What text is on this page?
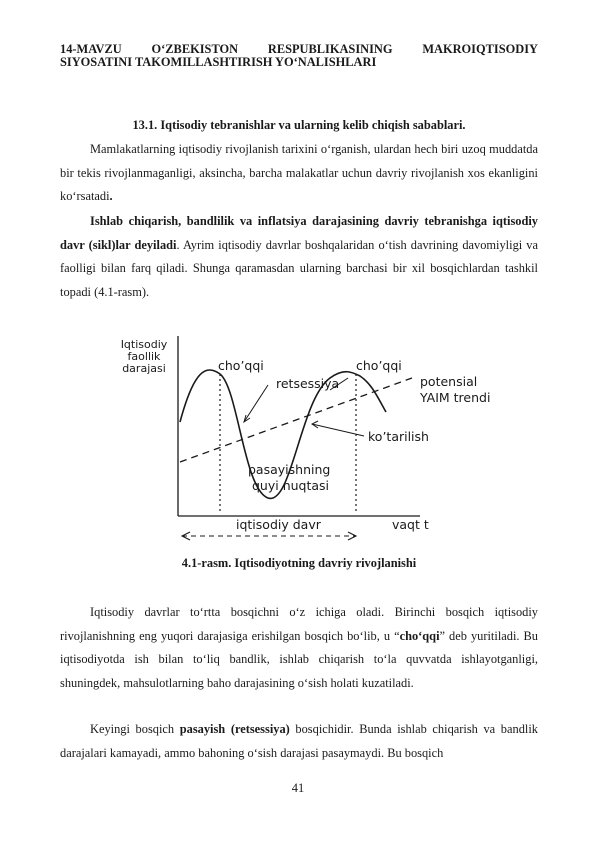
14-MAVZU O‘ZBEKISTON RESPUBLIKASINING MAKROIQTISODIY
SIYOSATINI TAKOMILLASHTIRISH YO‘NALISHLARI
13.1. Iqtisodiy tebranishlar va ularning kelib chiqish sabablari.

Mamlakatlarning iqtisodiy rivojlanish tarixini o‘rganish, ulardan hech biri uzoq muddatda bir tekis rivojlanmaganligi, aksincha, barcha malakatlar uchun davriy rivojlanish xos ekanligini ko‘rsatadi.

Ishlab chiqarish, bandlilik va inflatsiya darajasining davriy tebranishga iqtisodiy davr (sikl)lar deyiladi. Ayrim iqtisodiy davrlar boshqalaridan o‘tish davrining davomiyligi va faolligi bilan farq qiladi. Shunga qaramasdan ularning barchasi bir xil bosqichlardan tashkil topadi (4.1-rasm).

Iqtisodiy
faollik
darajasi	cho’qqi	cho’qqi
retsessiya	potensial
YAIM trendi
ko’tarilish
pasayishning
quyi nuqtasi
iqtisodiy davr	vaqt t
4.1-rasm. Iqtisodiyotning davriy rivojlanishi

Iqtisodiy davrlar to‘rtta bosqichni o‘z ichiga oladi. Birinchi bosqich iqtisodiy rivojlanishning eng yuqori darajasiga erishilgan bosqich bo‘lib, u “cho‘qqi” deb yuritiladi. Bu iqtisodiyotda ish bilan to‘liq bandlik, ishlab chiqarish to‘la quvvatda ishlayotganligi, shuningdek, mahsulotlarning baho darajasining o‘sish holati kuzatiladi.

Keyingi bosqich pasayish (retsessiya) bosqichidir. Bunda ishlab chiqarish va bandlik darajalari kamayadi, ammo bahoning o‘sish darajasi pasaymaydi. Bu bosqich

41
